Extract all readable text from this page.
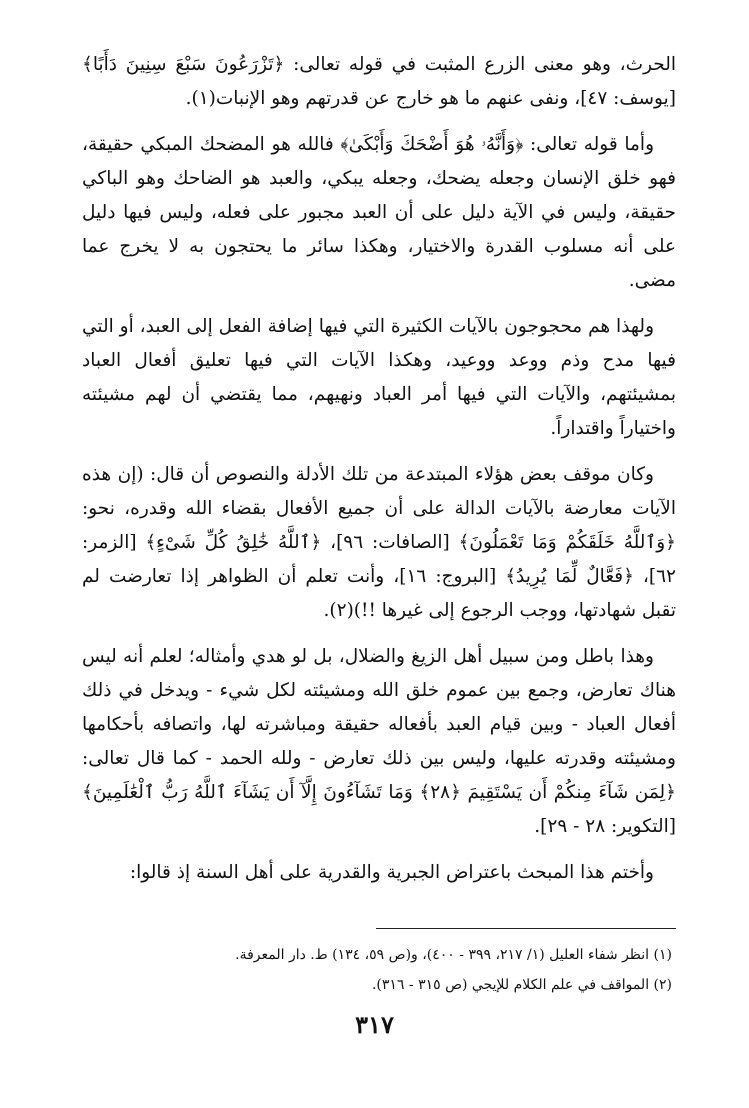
الحرث، وهو معنى الزرع المثبت في قوله تعالى: ﴿تَزْرَعُونَ سَبْعَ سِنِينَ دَأَبًا﴾ [يوسف: ٤٧]، ونفى عنهم ما هو خارج عن قدرتهم وهو الإنبات(١).

وأما قوله تعالى: ﴿وَأَنَّهُۥ هُوَ أَضْحَكَ وَأَبْكَىٰ﴾ فالله هو المضحك المبكي حقيقة، فهو خلق الإنسان وجعله يضحك، وجعله يبكي، والعبد هو الضاحك وهو الباكي حقيقة، وليس في الآية دليل على أن العبد مجبور على فعله، وليس فيها دليل على أنه مسلوب القدرة والاختيار، وهكذا سائر ما يحتجون به لا يخرج عما مضى.

ولهذا هم محجوجون بالآيات الكثيرة التي فيها إضافة الفعل إلى العبد، أو التي فيها مدح وذم ووعد ووعيد، وهكذا الآيات التي فيها تعليق أفعال العباد بمشيئتهم، والآيات التي فيها أمر العباد ونهيهم، مما يقتضي أن لهم مشيئته واختياراً واقتداراً.

وكان موقف بعض هؤلاء المبتدعة من تلك الأدلة والنصوص أن قال: (إن هذه الآيات معارضة بالآيات الدالة على أن جميع الأفعال بقضاء الله وقدره، نحو: ﴿وَٱللَّهُ خَلَقَكُمْ وَمَا تَعْمَلُونَ﴾ [الصافات: ٩٦]، ﴿ٱللَّهُ خَٰلِقُ كُلِّ شَىْءٍ﴾ [الزمر: ٦٢]، ﴿فَعَّالٌ لِّمَا يُرِيدُ﴾ [البروج: ١٦]، وأنت تعلم أن الظواهر إذا تعارضت لم تقبل شهادتها، ووجب الرجوع إلى غيرها !!)(٢).

وهذا باطل ومن سبيل أهل الزيغ والضلال، بل لو هدي وأمثاله؛ لعلم أنه ليس هناك تعارض، وجمع بين عموم خلق الله ومشيئته لكل شيء - ويدخل في ذلك أفعال العباد - وبين قيام العبد بأفعاله حقيقة ومباشرته لها، واتصافه بأحكامها ومشيئته وقدرته عليها، وليس بين ذلك تعارض - ولله الحمد - كما قال تعالى: ﴿لِمَن شَآءَ مِنكُمْ أَن يَسْتَقِيمَ ﴿٢٨﴾ وَمَا تَشَآءُونَ إِلَّآ أَن يَشَآءَ ٱللَّهُ رَبُّ ٱلْعَٰلَمِينَ﴾ [التكوير: ٢٨ - ٢٩].

وأختم هذا المبحث باعتراض الجبرية والقدرية على أهل السنة إذ قالوا:

(١) انظر شفاء العليل (١/ ٢١٧، ٣٩٩ - ٤٠٠)، و(ص ٥٩، ١٣٤) ط. دار المعرفة.

(٢) المواقف في علم الكلام للإيجي (ص ٣١٥ - ٣١٦).

٣١٧
